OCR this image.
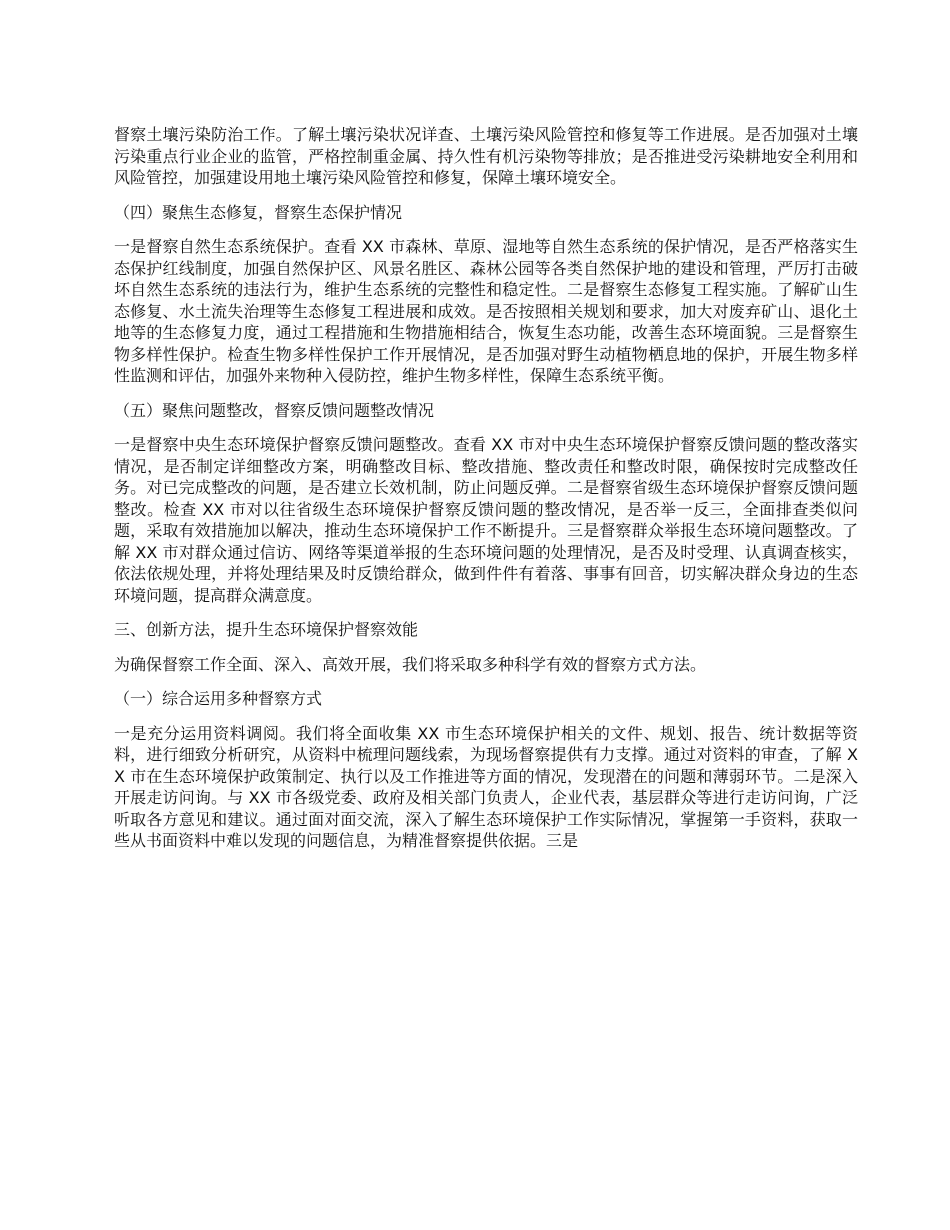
督察土壤污染防治工作。了解土壤污染状况详查、土壤污染风险管控和修复等工作进展。是否加强对土壤污染重点行业企业的监管，严格控制重金属、持久性有机污染物等排放；是否推进受污染耕地安全利用和风险管控，加强建设用地土壤污染风险管控和修复，保障土壤环境安全。

（四）聚焦生态修复，督察生态保护情况

一是督察自然生态系统保护。查看 XX 市森林、草原、湿地等自然生态系统的保护情况，是否严格落实生态保护红线制度，加强自然保护区、风景名胜区、森林公园等各类自然保护地的建设和管理，严厉打击破坏自然生态系统的违法行为，维护生态系统的完整性和稳定性。二是督察生态修复工程实施。了解矿山生态修复、水土流失治理等生态修复工程进展和成效。是否按照相关规划和要求，加大对废弃矿山、退化土地等的生态修复力度，通过工程措施和生物措施相结合，恢复生态功能，改善生态环境面貌。三是督察生物多样性保护。检查生物多样性保护工作开展情况，是否加强对野生动植物栖息地的保护，开展生物多样性监测和评估，加强外来物种入侵防控，维护生物多样性，保障生态系统平衡。

（五）聚焦问题整改，督察反馈问题整改情况

一是督察中央生态环境保护督察反馈问题整改。查看 XX 市对中央生态环境保护督察反馈问题的整改落实情况，是否制定详细整改方案，明确整改目标、整改措施、整改责任和整改时限，确保按时完成整改任务。对已完成整改的问题，是否建立长效机制，防止问题反弹。二是督察省级生态环境保护督察反馈问题整改。检查 XX 市对以往省级生态环境保护督察反馈问题的整改情况，是否举一反三，全面排查类似问题，采取有效措施加以解决，推动生态环境保护工作不断提升。三是督察群众举报生态环境问题整改。了解 XX 市对群众通过信访、网络等渠道举报的生态环境问题的处理情况，是否及时受理、认真调查核实，依法依规处理，并将处理结果及时反馈给群众，做到件件有着落、事事有回音，切实解决群众身边的生态环境问题，提高群众满意度。

三、创新方法，提升生态环境保护督察效能

为确保督察工作全面、深入、高效开展，我们将采取多种科学有效的督察方式方法。

（一）综合运用多种督察方式

一是充分运用资料调阅。我们将全面收集 XX 市生态环境保护相关的文件、规划、报告、统计数据等资料，进行细致分析研究，从资料中梳理问题线索，为现场督察提供有力支撑。通过对资料的审查，了解 XX 市在生态环境保护政策制定、执行以及工作推进等方面的情况，发现潜在的问题和薄弱环节。二是深入开展走访问询。与 XX 市各级党委、政府及相关部门负责人，企业代表，基层群众等进行走访问询，广泛听取各方意见和建议。通过面对面交流，深入了解生态环境保护工作实际情况，掌握第一手资料，获取一些从书面资料中难以发现的问题信息，为精准督察提供依据。三是
